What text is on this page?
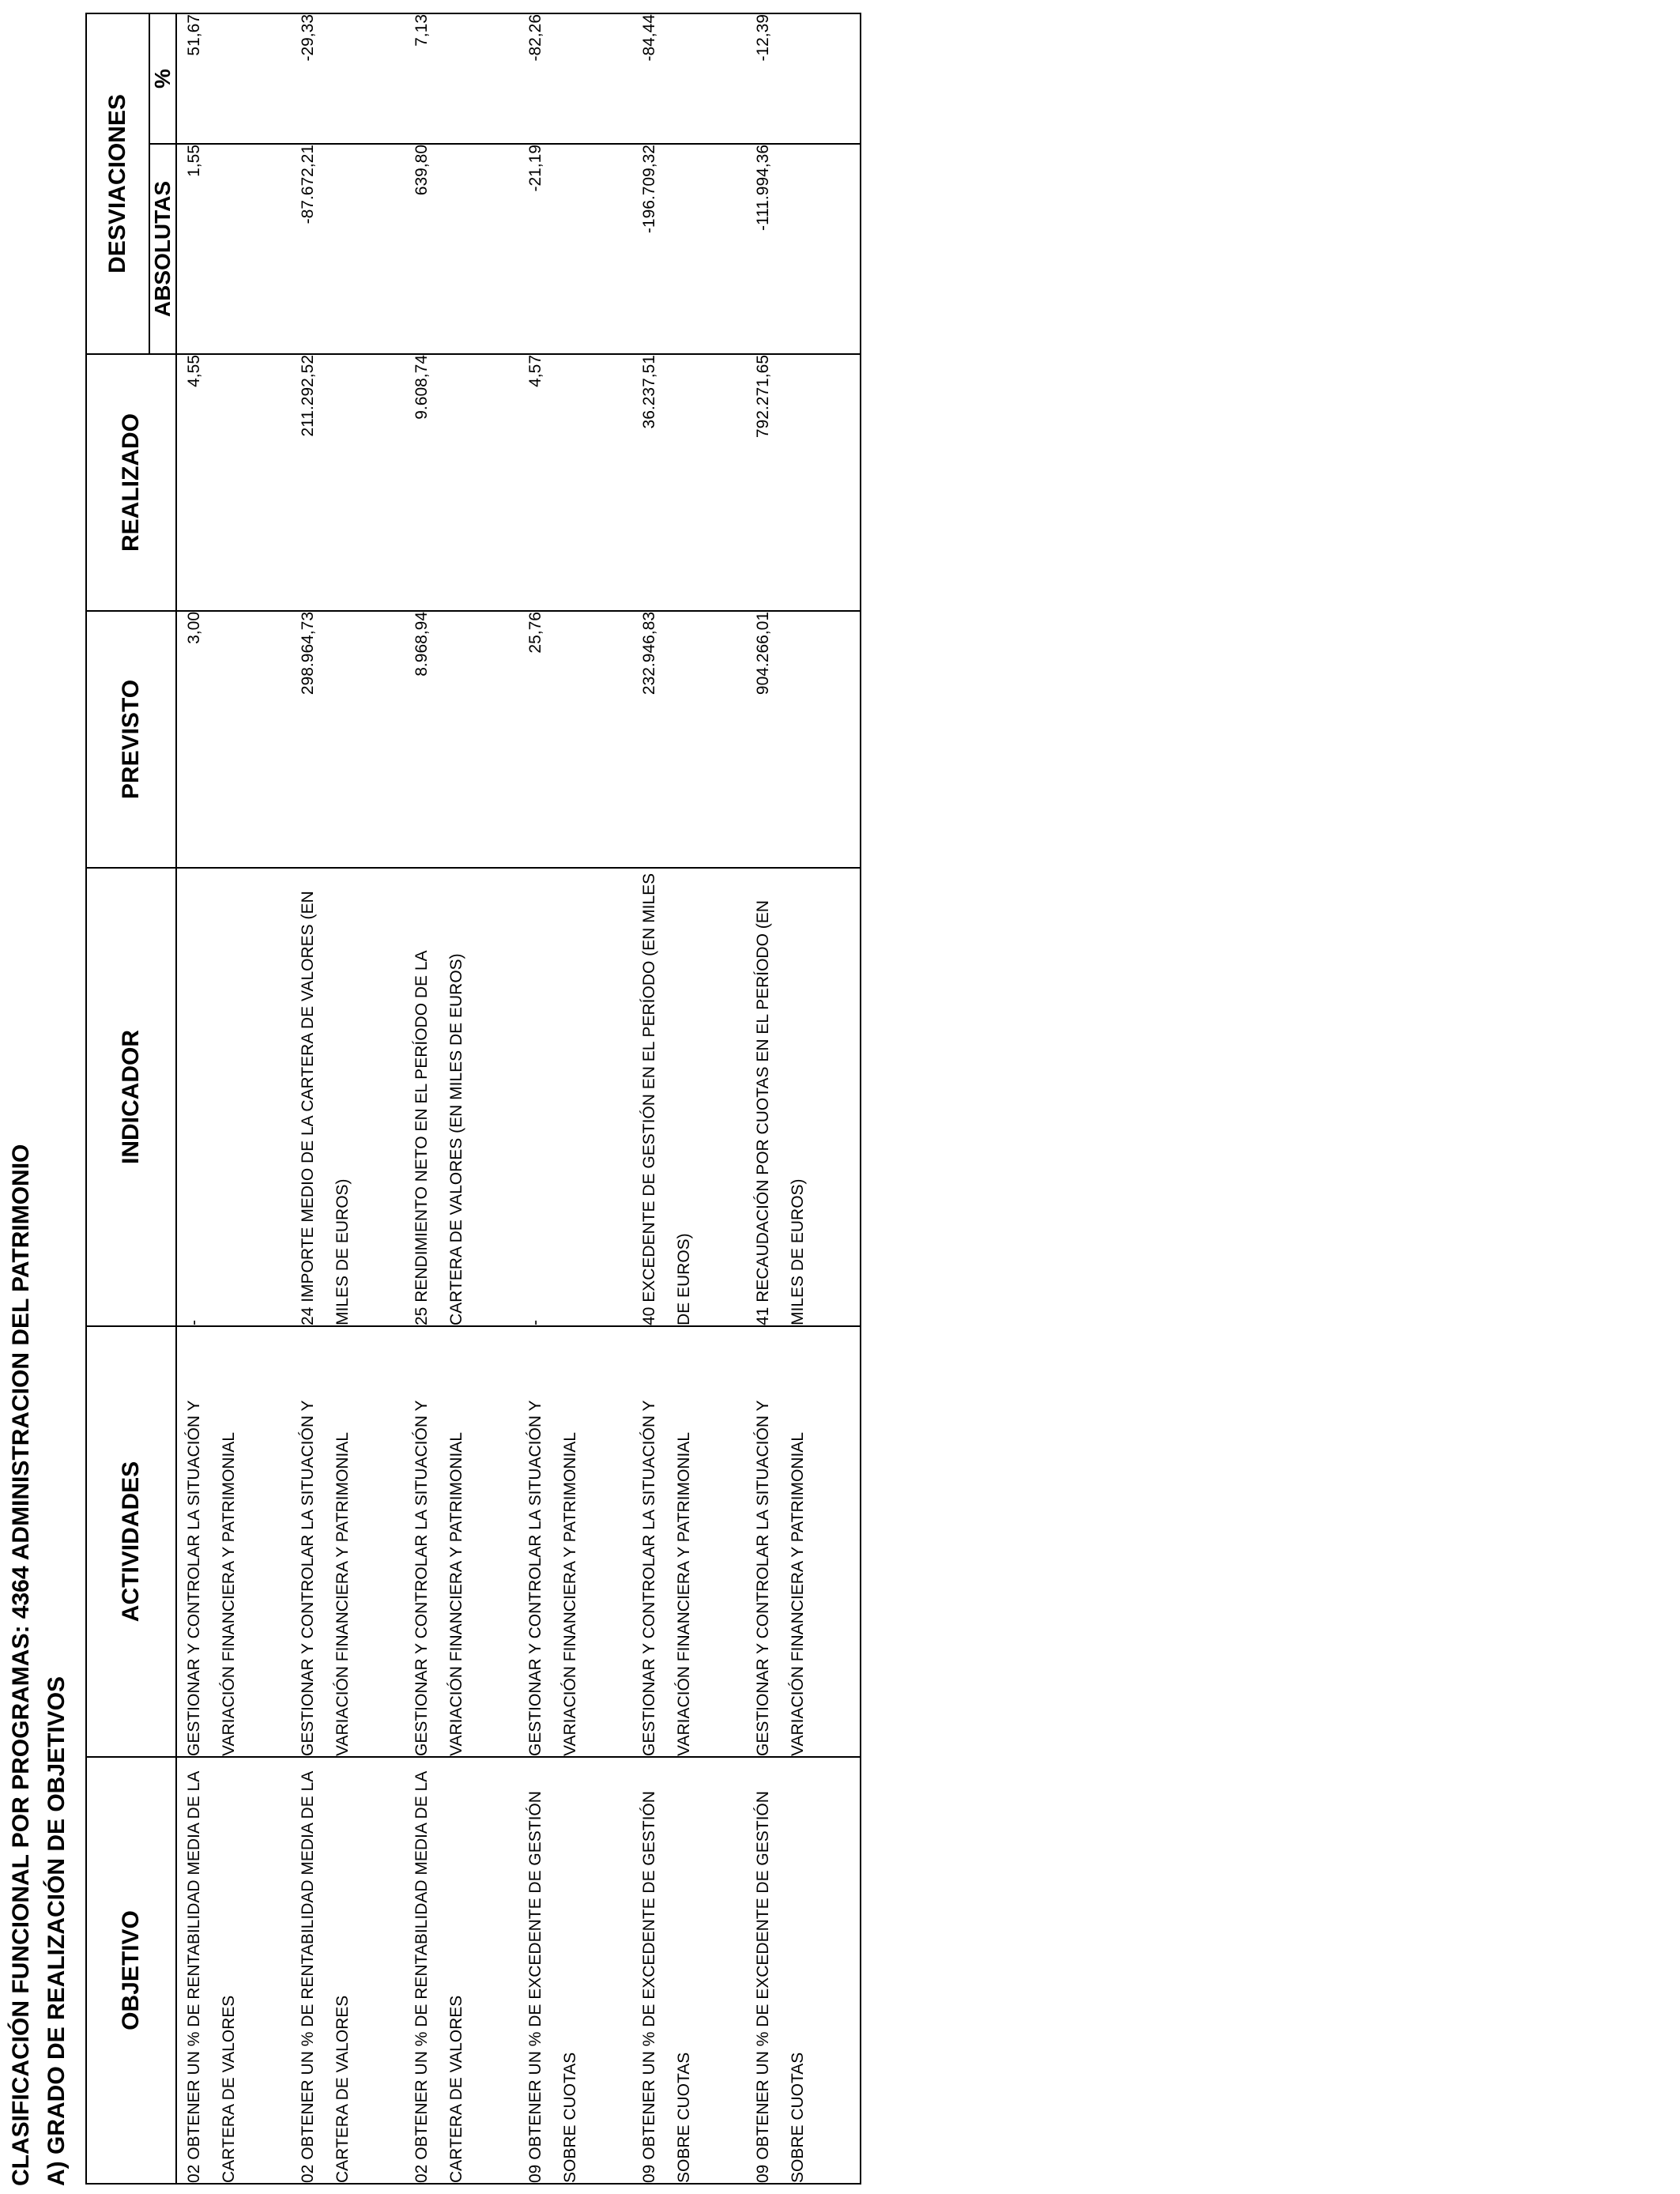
CLASIFICACIÓN FUNCIONAL POR PROGRAMAS: 4364 ADMINISTRACION DEL PATRIMONIO A) GRADO DE REALIZACIÓN DE OBJETIVOS OBJETIVO	ACTIVIDADES	INDICADOR	PREVISTO	REALIZADO	DESVIACIONES	
					ABSOLUTAS	%
02 OBTENER UN % DE RENTABILIDAD MEDIA DE LA CARTERA DE VALORES	GESTIONAR Y CONTROLAR LA SITUACIÓN Y VARIACIÓN FINANCIERA Y PATRIMONIAL	-	3,00	4,55	1,55	51,67
02 OBTENER UN % DE RENTABILIDAD MEDIA DE LA CARTERA DE VALORES	GESTIONAR Y CONTROLAR LA SITUACIÓN Y VARIACIÓN FINANCIERA Y PATRIMONIAL	24 IMPORTE MEDIO DE LA CARTERA DE VALORES (EN MILES DE EUROS)	298.964,73	211.292,52	-87.672,21	-29,33
02 OBTENER UN % DE RENTABILIDAD MEDIA DE LA CARTERA DE VALORES	GESTIONAR Y CONTROLAR LA SITUACIÓN Y VARIACIÓN FINANCIERA Y PATRIMONIAL	25 RENDIMIENTO NETO EN EL PERÍODO DE LA CARTERA DE VALORES (EN MILES DE EUROS)	8.968,94	9.608,74	639,80	7,13
09 OBTENER UN % DE EXCEDENTE DE GESTIÓN SOBRE CUOTAS	GESTIONAR Y CONTROLAR LA SITUACIÓN Y VARIACIÓN FINANCIERA Y PATRIMONIAL	-	25,76	4,57	-21,19	-82,26
09 OBTENER UN % DE EXCEDENTE DE GESTIÓN SOBRE CUOTAS	GESTIONAR Y CONTROLAR LA SITUACIÓN Y VARIACIÓN FINANCIERA Y PATRIMONIAL	40 EXCEDENTE DE GESTIÓN EN EL PERÍODO (EN MILES DE EUROS)	232.946,83	36.237,51	-196.709,32	-84,44
09 OBTENER UN % DE EXCEDENTE DE GESTIÓN SOBRE CUOTAS	GESTIONAR Y CONTROLAR LA SITUACIÓN Y VARIACIÓN FINANCIERA Y PATRIMONIAL	41 RECAUDACIÓN POR CUOTAS EN EL PERÍODO (EN MILES DE EUROS)	904.266,01	792.271,65	-111.994,36	-12,39
